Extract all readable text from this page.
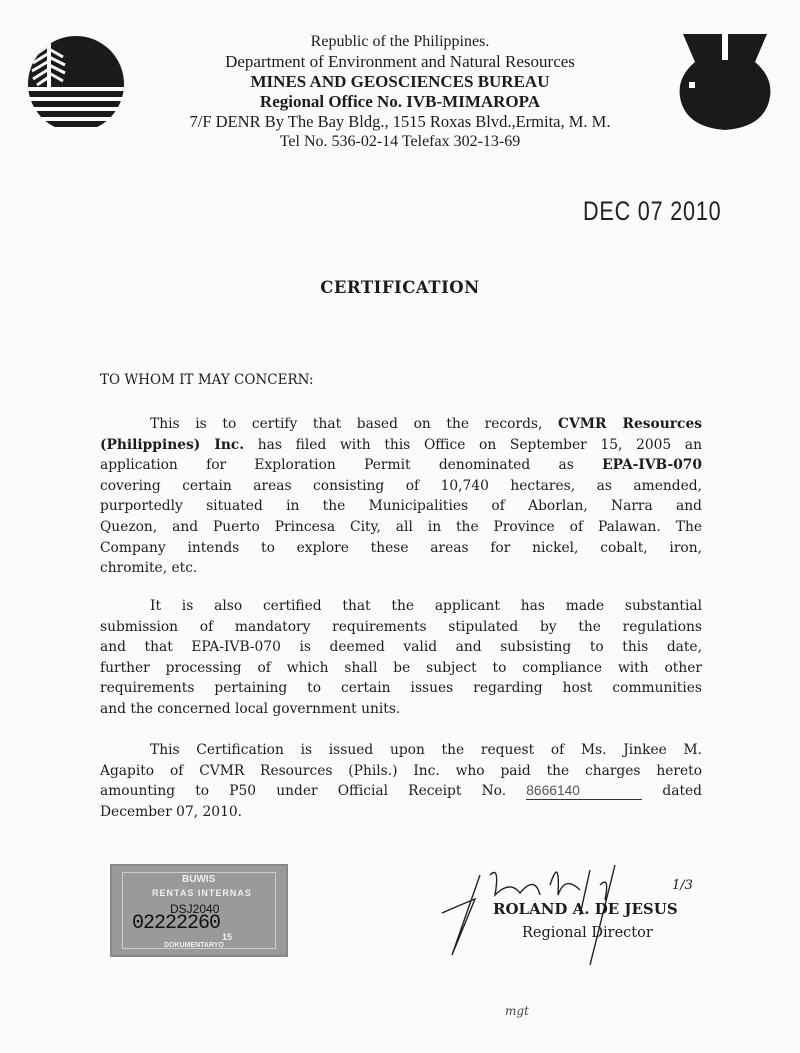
Republic of the Philippines.
Department of Environment and Natural Resources
MINES AND GEOSCIENCES BUREAU
Regional Office No. IVB-MIMAROPA
7/F DENR By The Bay Bldg., 1515 Roxas Blvd.,Ermita, M. M.
Tel No. 536-02-14 Telefax 302-13-69
DEC 07 2010
CERTIFICATION
TO WHOM IT MAY CONCERN:
This is to certify that based on the records, CVMR Resources
(Philippines) Inc. has filed with this Office on September 15, 2005 an
application for Exploration Permit denominated as EPA-IVB-070
covering certain areas consisting of 10,740 hectares, as amended,
purportedly situated in the Municipalities of Aborlan, Narra and
Quezon, and Puerto Princesa City, all in the Province of Palawan. The
Company intends to explore these areas for nickel, cobalt, iron,
chromite, etc.
It is also certified that the applicant has made substantial
submission of mandatory requirements stipulated by the regulations
and that EPA-IVB-070 is deemed valid and subsisting to this date,
further processing of which shall be subject to compliance with other
requirements pertaining to certain issues regarding host communities
and the concerned local government units.
This Certification is issued upon the request of Ms. Jinkee M.
Agapito of CVMR Resources (Phils.) Inc. who paid the charges hereto
amounting to P50 under Official Receipt No. 8666140	dated
December 07, 2010.
BUWIS
RENTAS INTERNAS
DSJ2040
02222260
15
DOKUMENTARYO
1/3
ROLAND A. DE JESUS
Regional Director
mgt
